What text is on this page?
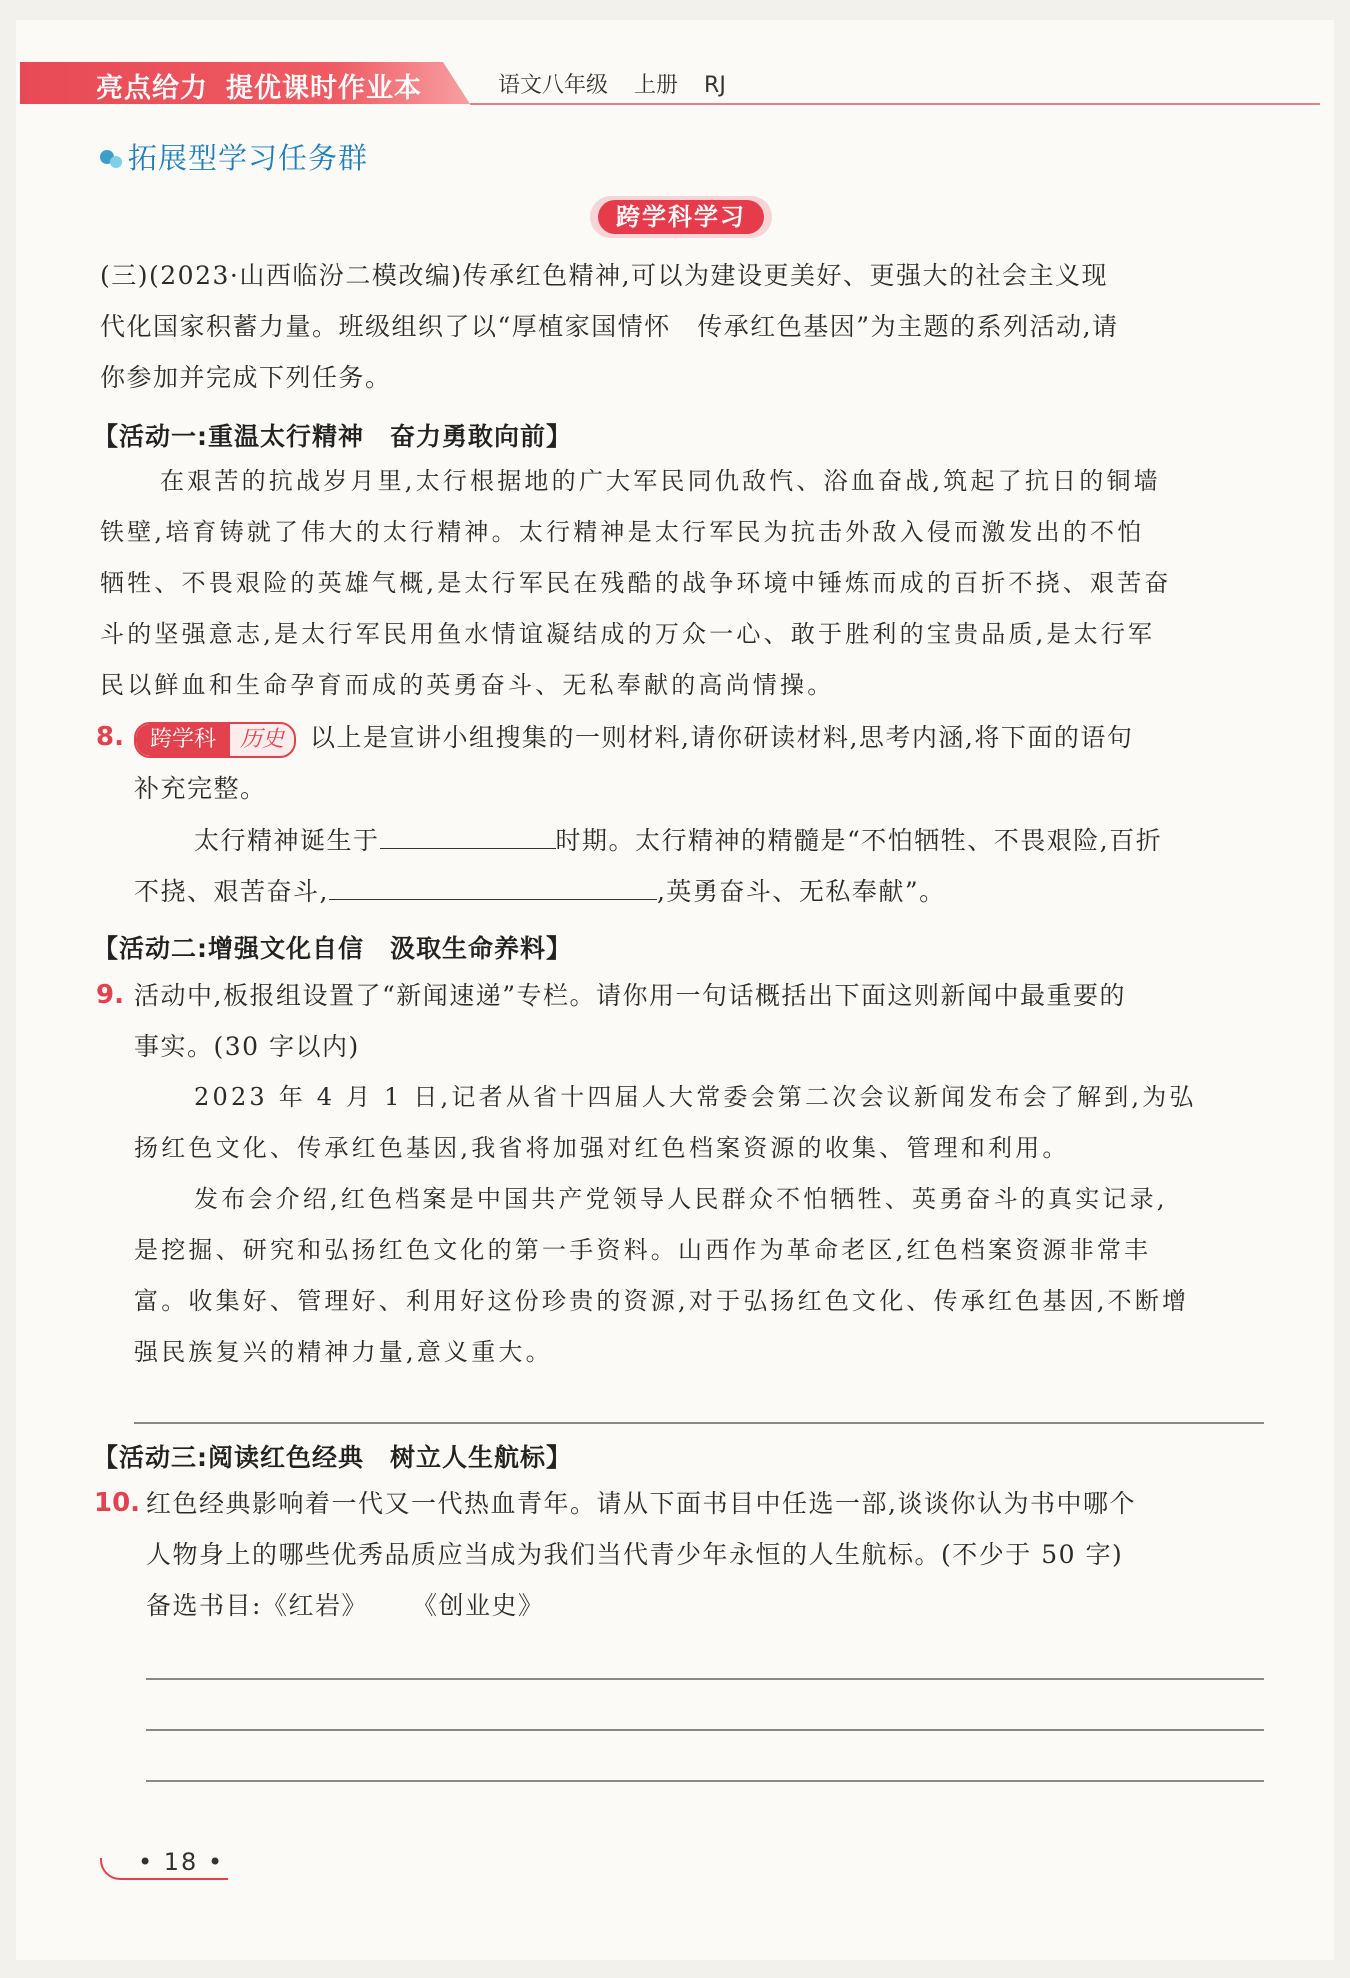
亮点给力 提优课时作业本	语文八年级 上册 RJ
拓展型学习任务群
跨学科学习
(三)(2023·山西临汾二模改编)传承红色精神,可以为建设更美好、更强大的社会主义现
代化国家积蓄力量。班级组织了以“厚植家国情怀　传承红色基因”为主题的系列活动,请
你参加并完成下列任务。
【活动一:重温太行精神　奋力勇敢向前】
在艰苦的抗战岁月里,太行根据地的广大军民同仇敌忾、浴血奋战,筑起了抗日的铜墙
铁壁,培育铸就了伟大的太行精神。太行精神是太行军民为抗击外敌入侵而激发出的不怕
牺牲、不畏艰险的英雄气概,是太行军民在残酷的战争环境中锤炼而成的百折不挠、艰苦奋
斗的坚强意志,是太行军民用鱼水情谊凝结成的万众一心、敢于胜利的宝贵品质,是太行军
民以鲜血和生命孕育而成的英勇奋斗、无私奉献的高尚情操。
8.	跨学科	历史 以上是宣讲小组搜集的一则材料,请你研读材料,思考内涵,将下面的语句
补充完整。
太行精神诞生于	时期。太行精神的精髓是“不怕牺牲、不畏艰险,百折
不挠、艰苦奋斗,	,英勇奋斗、无私奉献”。
【活动二:增强文化自信　汲取生命养料】
9. 活动中,板报组设置了“新闻速递”专栏。请你用一句话概括出下面这则新闻中最重要的
事实。(30 字以内)
2023 年 4 月 1 日,记者从省十四届人大常委会第二次会议新闻发布会了解到,为弘
扬红色文化、传承红色基因,我省将加强对红色档案资源的收集、管理和利用。
发布会介绍,红色档案是中国共产党领导人民群众不怕牺牲、英勇奋斗的真实记录,
是挖掘、研究和弘扬红色文化的第一手资料。山西作为革命老区,红色档案资源非常丰
富。收集好、管理好、利用好这份珍贵的资源,对于弘扬红色文化、传承红色基因,不断增
强民族复兴的精神力量,意义重大。
【活动三:阅读红色经典　树立人生航标】
10. 红色经典影响着一代又一代热血青年。请从下面书目中任选一部,谈谈你认为书中哪个
人物身上的哪些优秀品质应当成为我们当代青少年永恒的人生航标。(不少于 50 字)
备选书目:《红岩》 《创业史》
• 18 •
